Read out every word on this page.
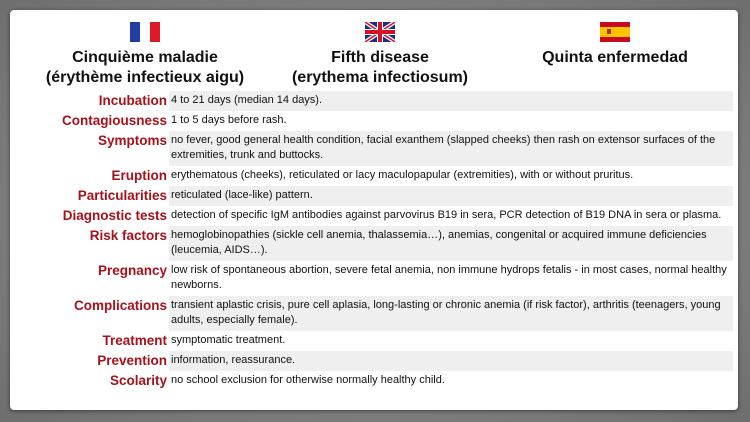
Cinquième maladie
(érythème infectieux aigu)
Fifth disease
(erythema infectiosum)
Quinta enfermedad
Incubation 4 to 21 days (median 14 days).
Contagiousness 1 to 5 days before rash.
Symptoms no fever, good general health condition, facial exanthem (slapped cheeks) then rash on extensor surfaces of the extremities, trunk and buttocks.
Eruption erythematous (cheeks), reticulated or lacy maculopapular (extremities), with or without pruritus.
Particularities reticulated (lace-like) pattern.
Diagnostic tests detection of specific IgM antibodies against parvovirus B19 in sera, PCR detection of B19 DNA in sera or plasma.
Risk factors hemoglobinopathies (sickle cell anemia, thalassemia…), anemias, congenital or acquired immune deficiencies (leucemia, AIDS…).
Pregnancy low risk of spontaneous abortion, severe fetal anemia, non immune hydrops fetalis - in most cases, normal healthy newborns.
Complications transient aplastic crisis, pure cell aplasia, long-lasting or chronic anemia (if risk factor), arthritis (teenagers, young adults, especially female).
Treatment symptomatic treatment.
Prevention information, reassurance.
Scolarity no school exclusion for otherwise normally healthy child.
